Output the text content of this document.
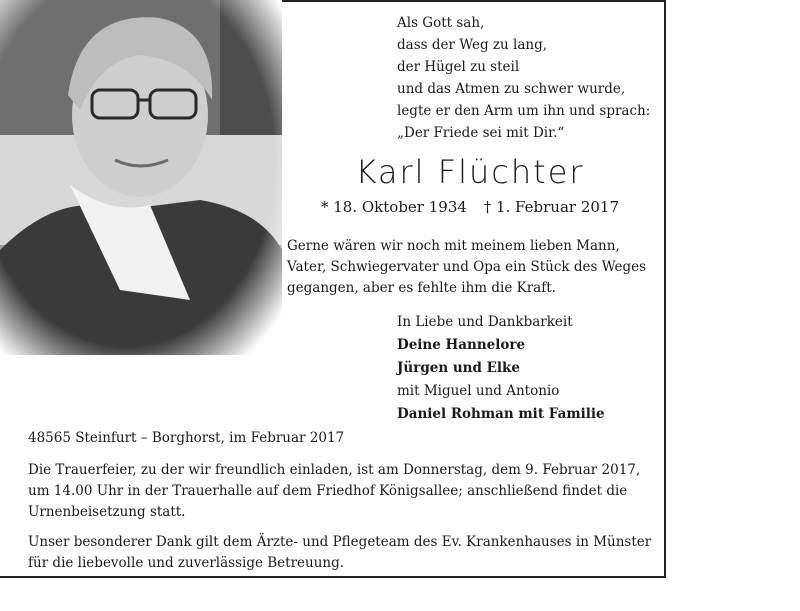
Als Gott sah,
dass der Weg zu lang,
der Hügel zu steil
und das Atmen zu schwer wurde,
legte er den Arm um ihn und sprach:
„Der Friede sei mit Dir.“
Karl Flüchter
* 18. Oktober 1934 † 1. Februar 2017
Gerne wären wir noch mit meinem lieben Mann,
Vater, Schwiegervater und Opa ein Stück des Weges
gegangen, aber es fehlte ihm die Kraft.
In Liebe und Dankbarkeit
Deine Hannelore
Jürgen und Elke
mit Miguel und Antonio
Daniel Rohman mit Familie
48565 Steinfurt – Borghorst, im Februar 2017
Die Trauerfeier, zu der wir freundlich einladen, ist am Donnerstag, dem 9. Februar 2017,
um 14.00 Uhr in der Trauerhalle auf dem Friedhof Königsallee; anschließend findet die
Urnenbeisetzung statt.
Unser besonderer Dank gilt dem Ärzte- und Pflegeteam des Ev. Krankenhauses in Münster
für die liebevolle und zuverlässige Betreuung.
